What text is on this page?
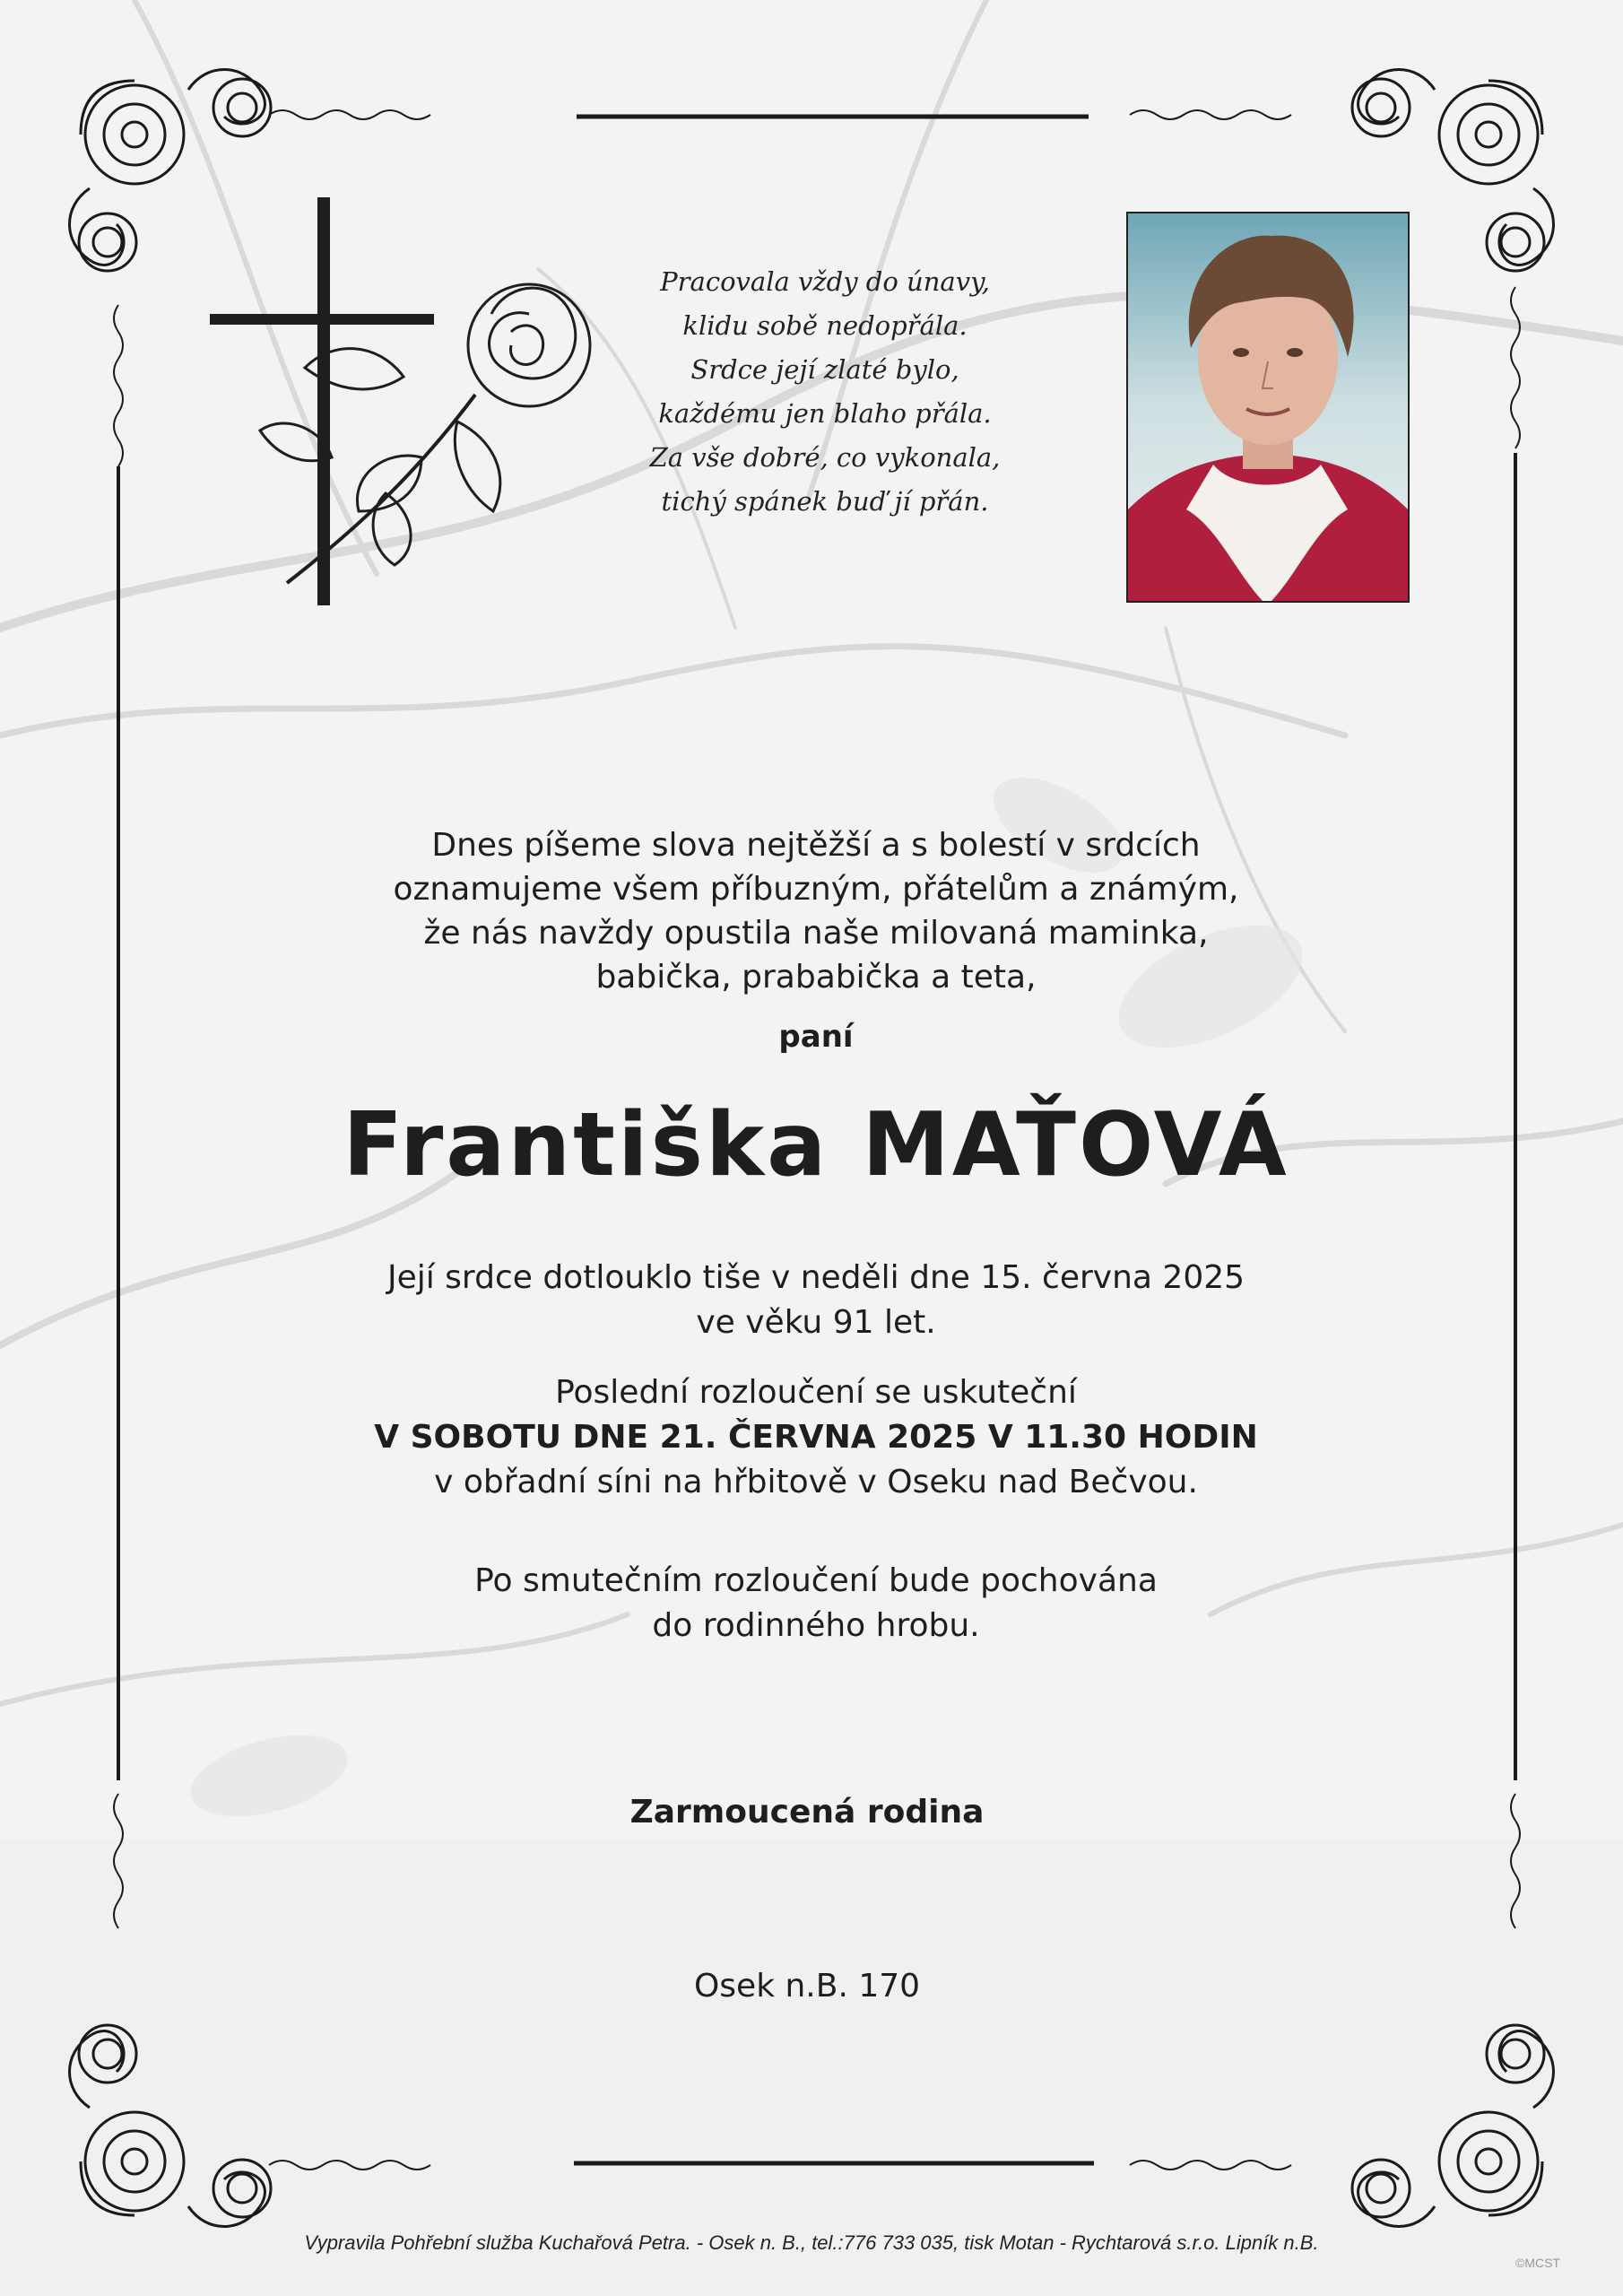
Pracovala vždy do únavy,
klidu sobě nedopřála.
Srdce její zlaté bylo,
každému jen blaho přála.
Za vše dobré, co vykonala,
tichý spánek buď jí přán.
Dnes píšeme slova nejtěžší a s bolestí v srdcích
oznamujeme všem příbuzným, přátelům a známým,
že nás navždy opustila naše milovaná maminka,
babička, prababička a teta,
paní
Františka MAŤOVÁ
Její srdce dotlouklo tiše v neděli dne 15. června 2025
ve věku 91 let.
Poslední rozloučení se uskuteční
V SOBOTU DNE 21. ČERVNA 2025 V 11.30 HODIN
v obřadní síni na hřbitově v Oseku nad Bečvou.
Po smutečním rozloučení bude pochována
do rodinného hrobu.
Zarmoucená rodina
Osek n.B. 170
Vypravila Pohřební služba Kuchařová Petra. - Osek n. B., tel.:776 733 035, tisk Motan - Rychtarová s.r.o. Lipník n.B.
©MCST
